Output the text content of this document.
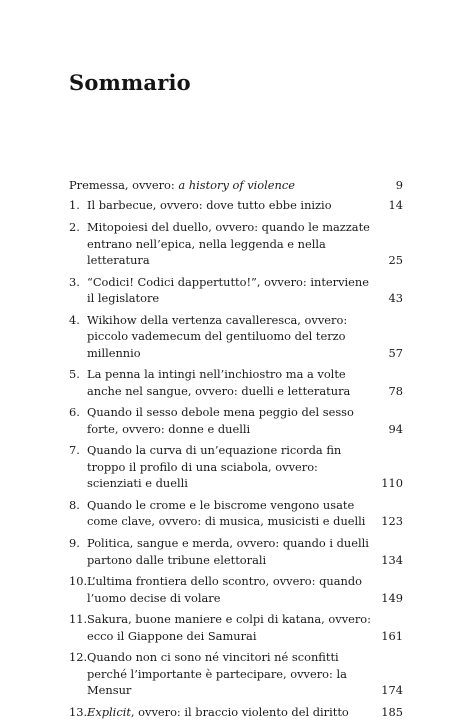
Sommario
Premessa, ovvero: a history of violence	9
1. Il barbecue, ovvero: dove tutto ebbe inizio	14
2. Mitopoiesi del duello, ovvero: quando le mazzate entrano nell’epica, nella leggenda e nella letteratura	25
3. “Codici! Codici dappertutto!”, ovvero: interviene il legislatore	43
4. Wikihow della vertenza cavalleresca, ovvero: piccolo vademecum del gentiluomo del terzo millennio	57
5. La penna la intingi nell’inchiostro ma a volte anche nel sangue, ovvero: duelli e letteratura	78
6. Quando il sesso debole mena peggio del sesso forte, ovvero: donne e duelli	94
7. Quando la curva di un’equazione ricorda fin troppo il profilo di una sciabola, ovvero: scienziati e duelli	110
8. Quando le crome e le biscrome vengono usate come clave, ovvero: di musica, musicisti e duelli	123
9. Politica, sangue e merda, ovvero: quando i duelli partono dalle tribune elettorali	134
10. L’ultima frontiera dello scontro, ovvero: quando l’uomo decise di volare	149
11. Sakura, buone maniere e colpi di katana, ovvero: ecco il Giappone dei Samurai	161
12. Quando non ci sono né vincitori né sconfitti perché l’importante è partecipare, ovvero: la Mensur	174
13. Explicit, ovvero: il braccio violento del diritto	185
